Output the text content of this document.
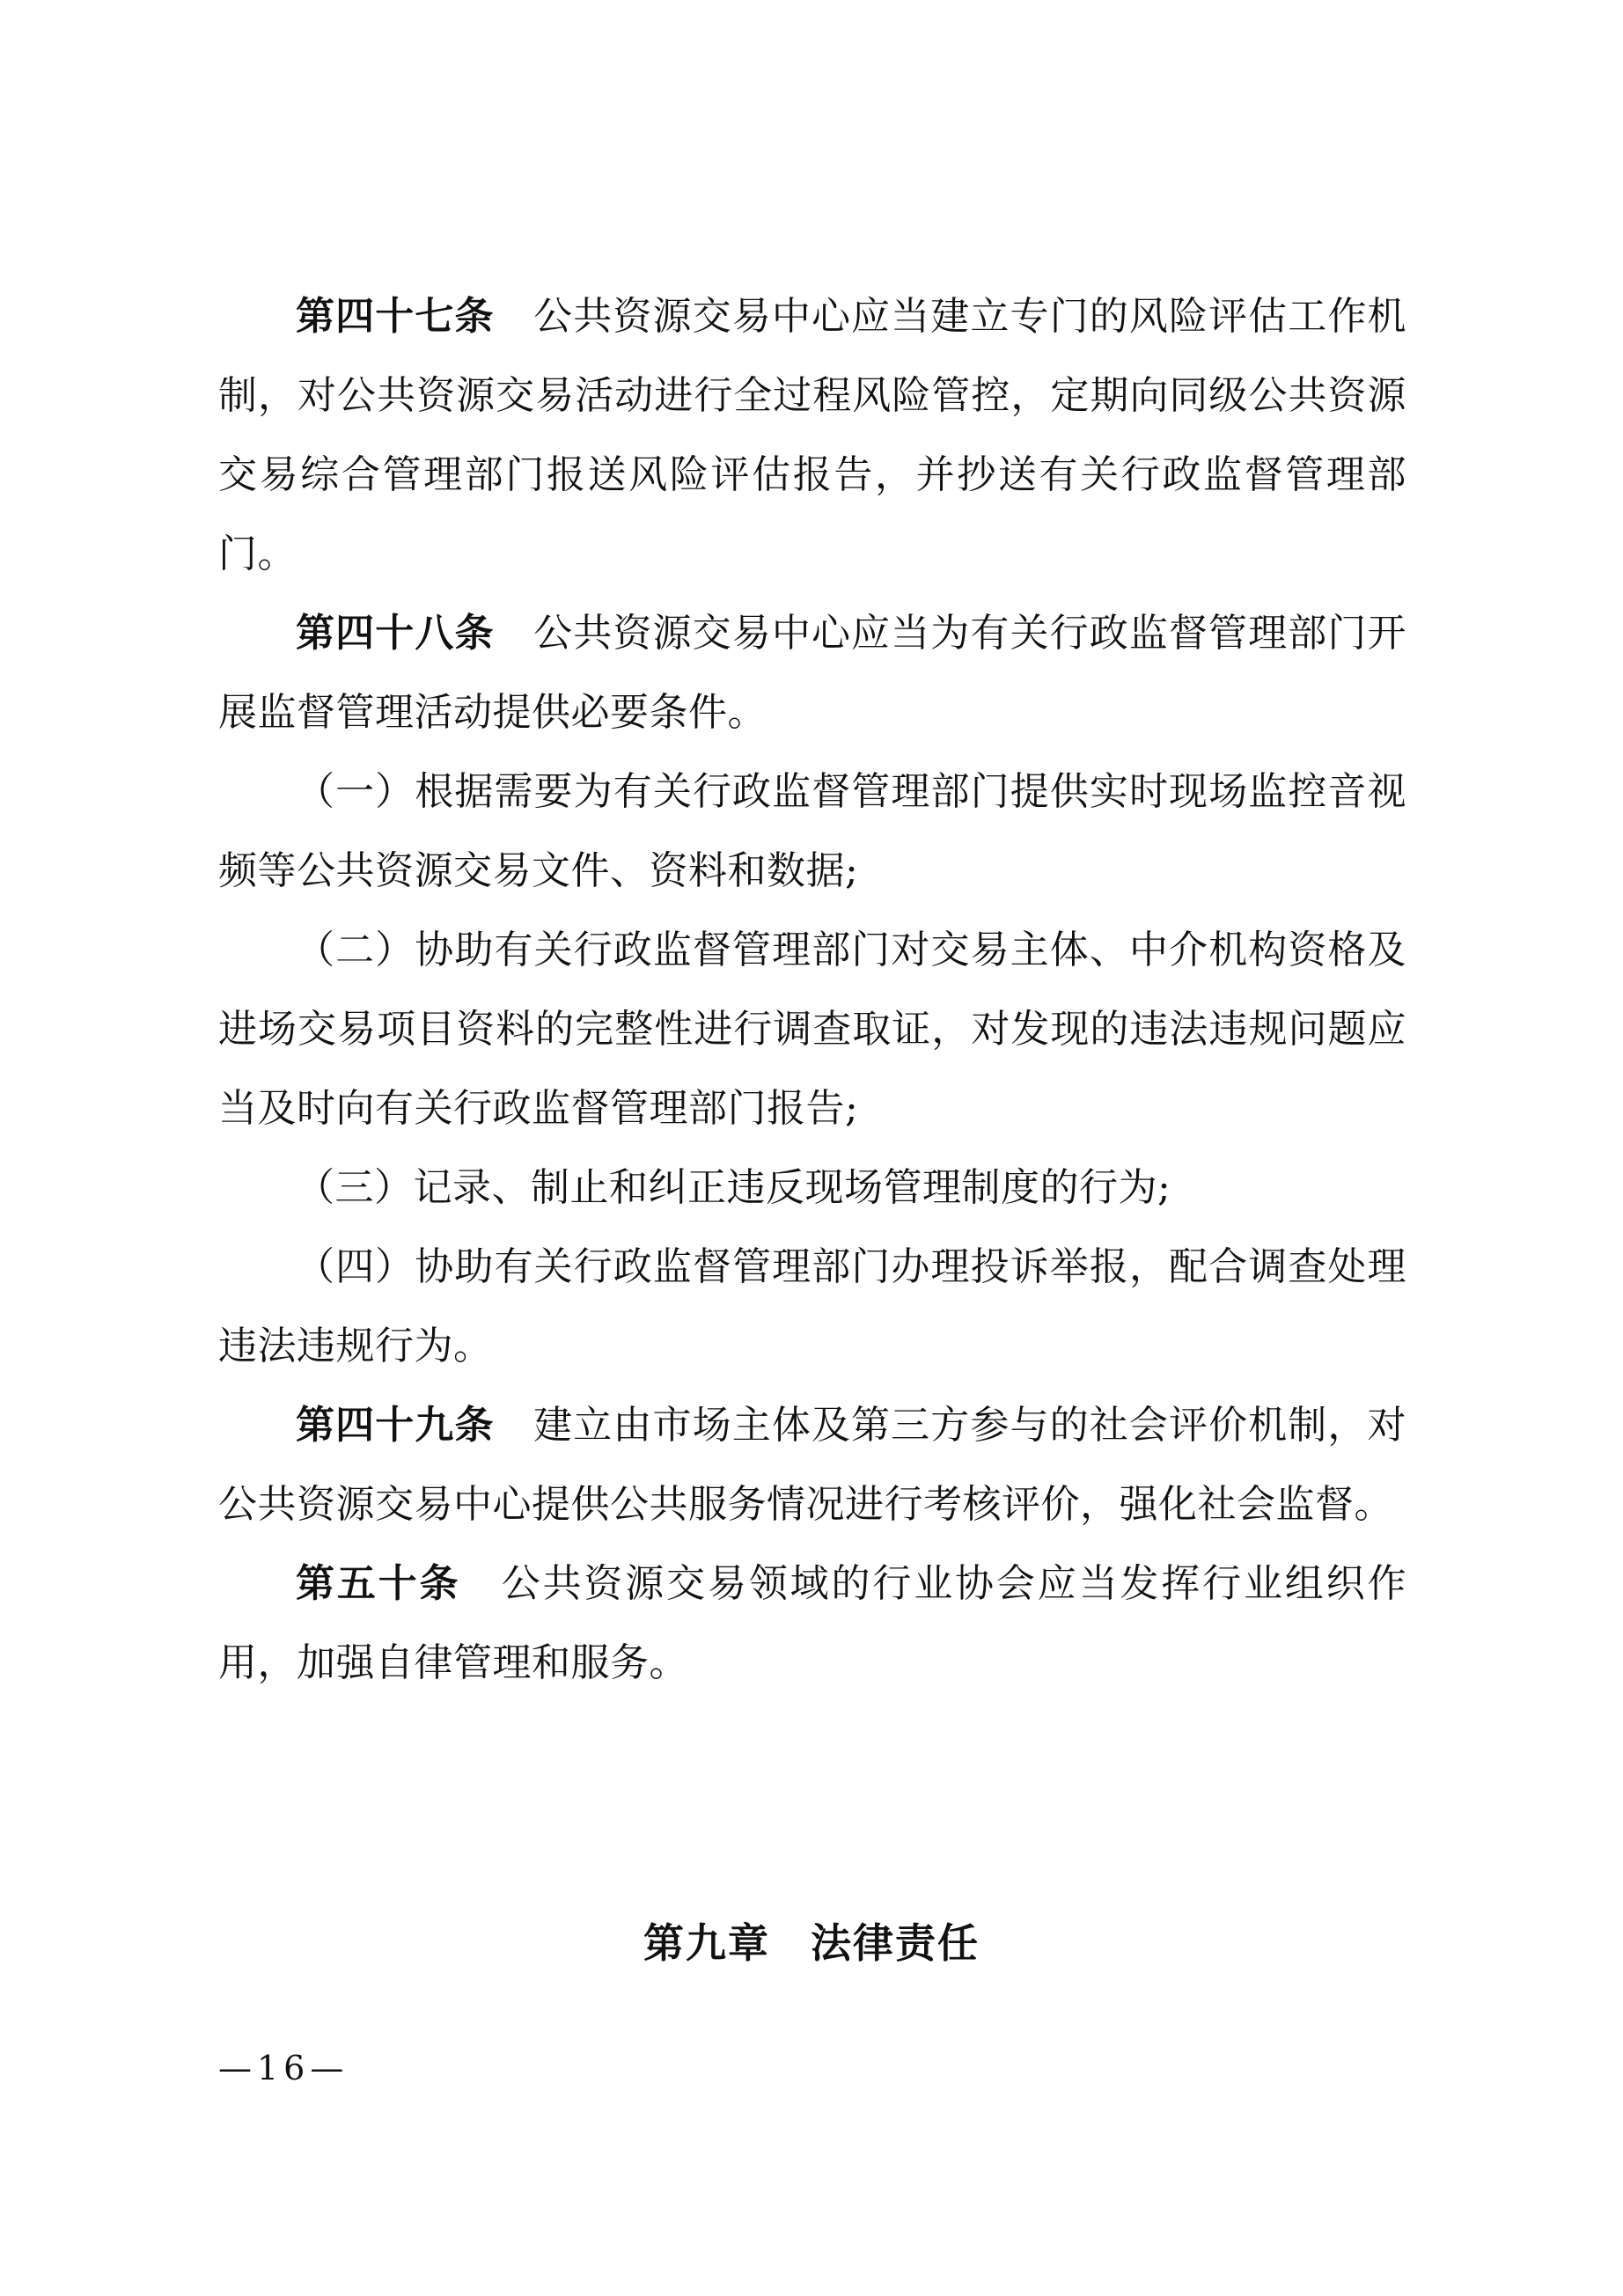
第四十七条 公共资源交易中心应当建立专门的风险评估工作机制，对公共资源交易活动进行全过程风险管控，定期向同级公共资源交易综合管理部门报送风险评估报告，并抄送有关行政监督管理部门。

第四十八条 公共资源交易中心应当为有关行政监督管理部门开展监督管理活动提供必要条件。

（一）根据需要为有关行政监督管理部门提供实时现场监控音视频等公共资源交易文件、资料和数据;

（二）协助有关行政监督管理部门对交易主体、中介机构资格及进场交易项目资料的完整性进行调查取证，对发现的违法违规问题应当及时向有关行政监督管理部门报告;

（三）记录、制止和纠正违反现场管理制度的行为;

（四）协助有关行政监督管理部门办理投诉举报，配合调查处理违法违规行为。

第四十九条 建立由市场主体及第三方参与的社会评价机制，对公共资源交易中心提供公共服务情况进行考核评价，强化社会监督。

第五十条 公共资源交易领域的行业协会应当发挥行业组织作用，加强自律管理和服务。

第九章 法律责任
—16—
